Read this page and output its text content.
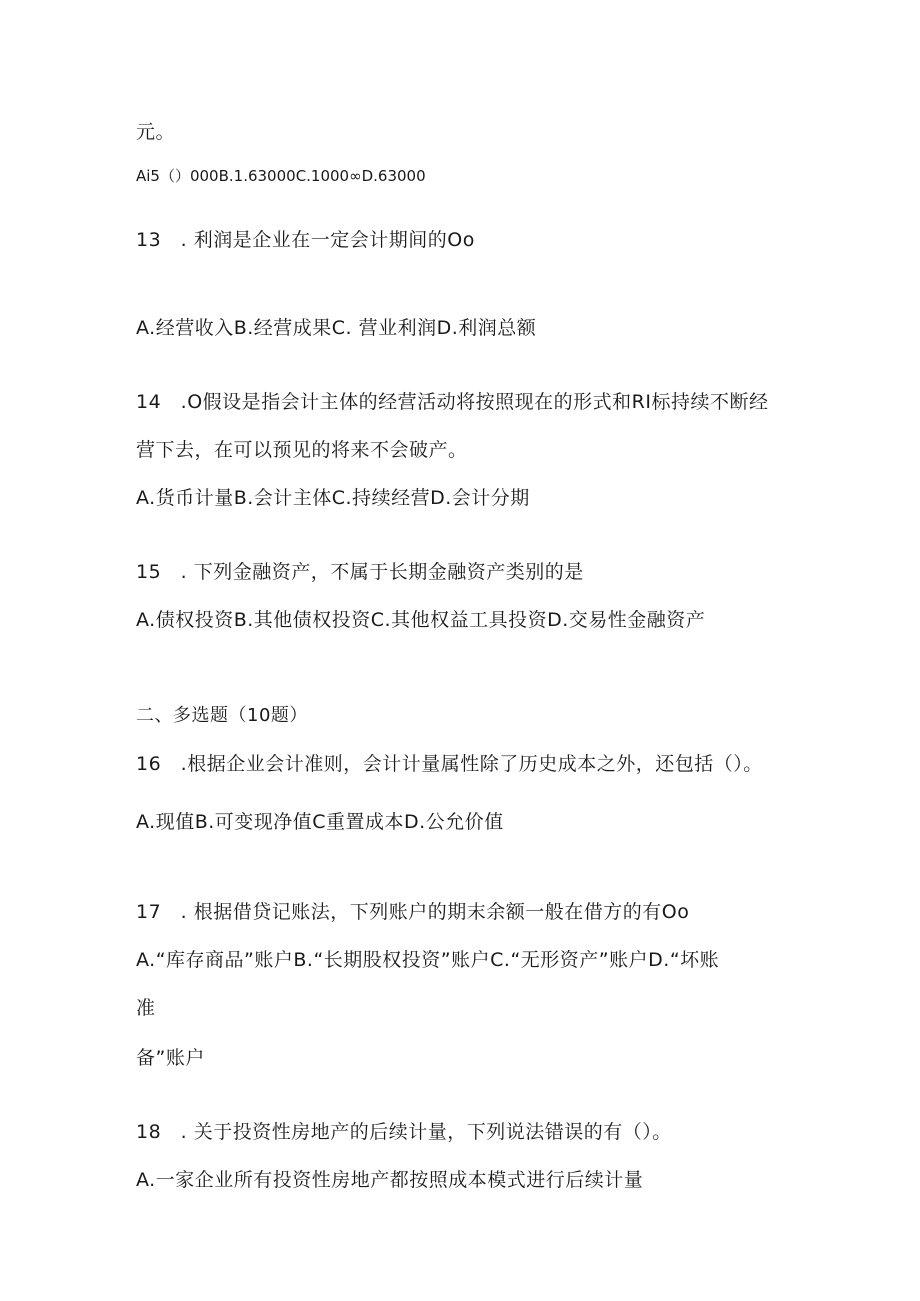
元。
Ai5（）000B.1.63000C.1000∞D.63000
13　. 利润是企业在一定会计期间的Oo
A.经营收入B.经营成果C. 营业利润D.利润总额
14　.O假设是指会计主体的经营活动将按照现在的形式和RI标持续不断经
营下去，在可以预见的将来不会破产。
A.货币计量B.会计主体C.持续经营D.会计分期
15　. 下列金融资产，不属于长期金融资产类别的是
A.债权投资B.其他债权投资C.其他权益工具投资D.交易性金融资产
二、多选题（10题）
16　.根据企业会计准则，会计计量属性除了历史成本之外，还包括（）。
A.现值B.可变现净值C重置成本D.公允价值
17　. 根据借贷记账法，下列账户的期末余额一般在借方的有Oo
A.“库存商品”账户B.“长期股权投资”账户C.“无形资产”账户D.“坏账
准
备”账户
18　. 关于投资性房地产的后续计量，下列说法错误的有（）。
A.一家企业所有投资性房地产都按照成本模式进行后续计量
